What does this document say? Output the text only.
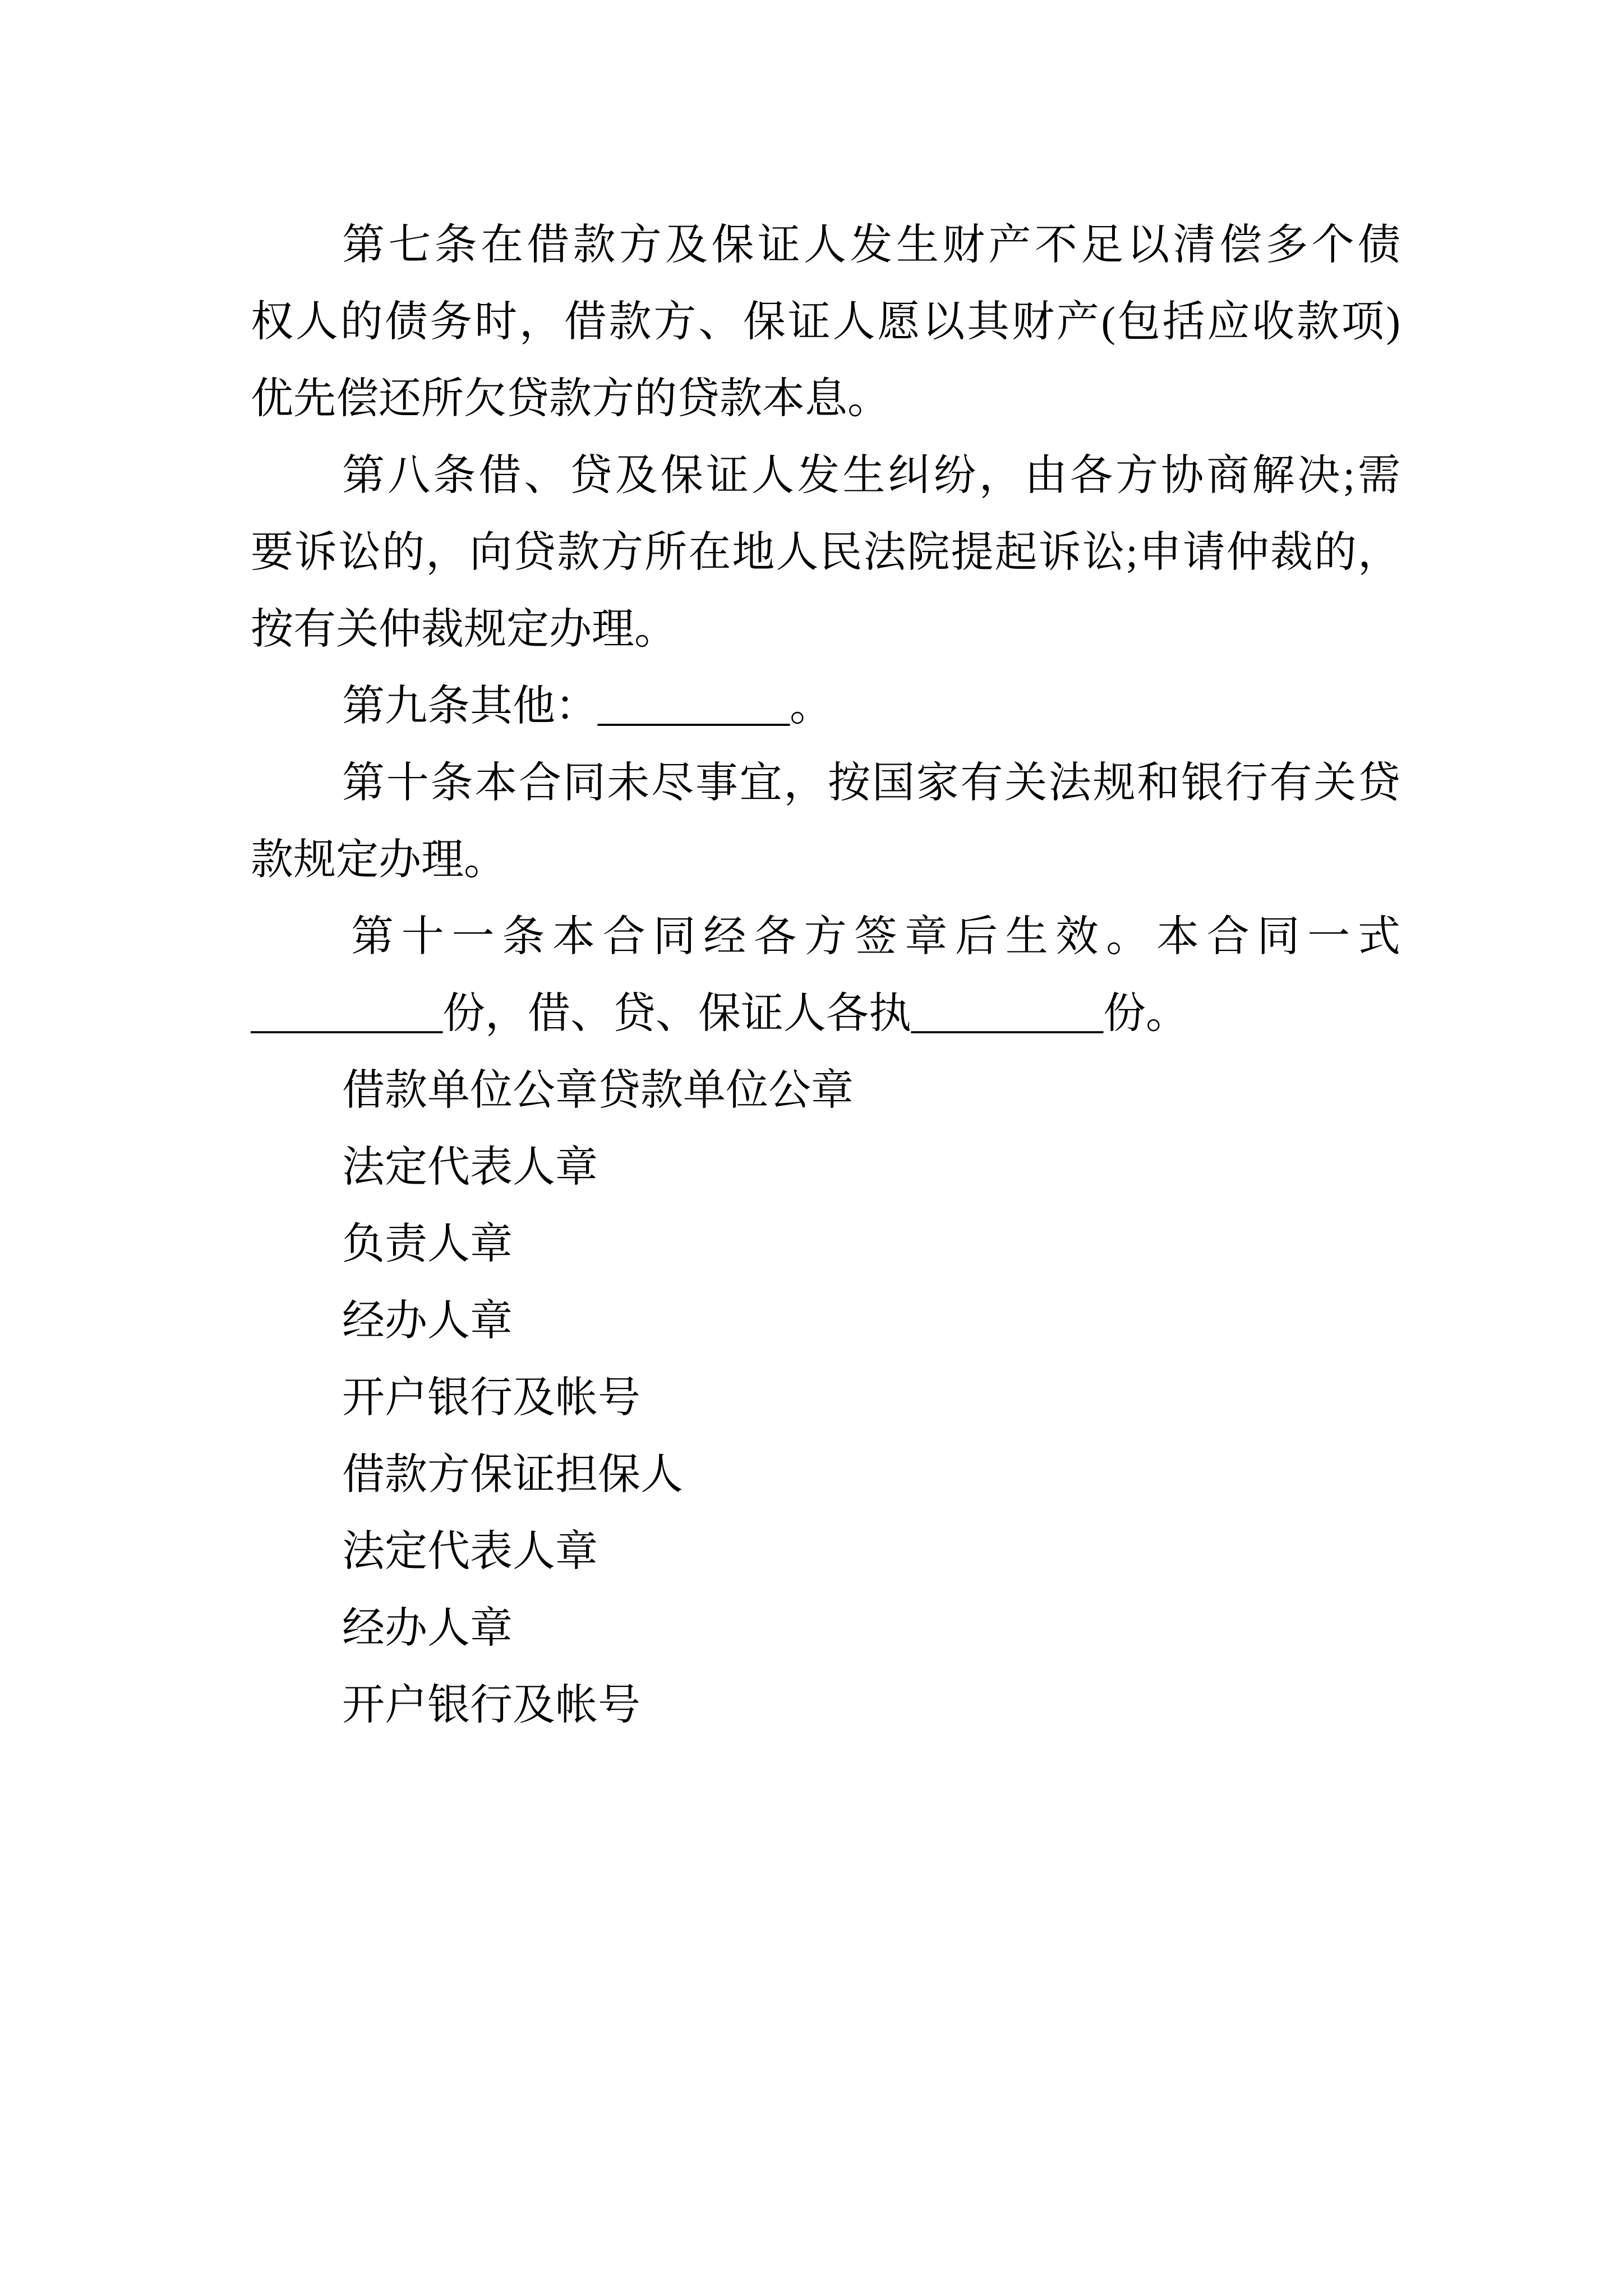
第七条在借款方及保证人发生财产不足以清偿多个债
权人的债务时，借款方、保证人愿以其财产(包括应收款项)
优先偿还所欠贷款方的贷款本息。
第八条借、贷及保证人发生纠纷，由各方协商解决;需
要诉讼的，向贷款方所在地人民法院提起诉讼;申请仲裁的，
按有关仲裁规定办理。
第九条其他：_________。
第十条本合同未尽事宜，按国家有关法规和银行有关贷
款规定办理。
第十一条本合同经各方签章后生效。本合同一式
_________份，借、贷、保证人各执_________份。
借款单位公章贷款单位公章
法定代表人章
负责人章
经办人章
开户银行及帐号
借款方保证担保人
法定代表人章
经办人章
开户银行及帐号
